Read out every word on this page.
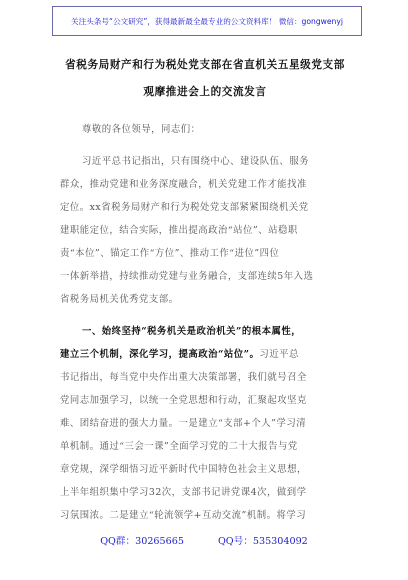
关注头条号“公文研究”，获得最新最全最专业的公文资料库！ 微信：gongwenyj
省税务局财产和行为税处党支部在省直机关五星级党支部
观摩推进会上的交流发言
尊敬的各位领导，同志们：
习近平总书记指出，只有围绕中心、建设队伍、服务
群众，推动党建和业务深度融合，机关党建工作才能找准
定位。xx省税务局财产和行为税处党支部紧紧围绕机关党
建职能定位，结合实际，推出提高政治“站位”、站稳职
责“本位”、锚定工作“方位”、推动工作“进位”四位
一体新举措，持续推动党建与业务融合，支部连续5年入选
省税务局机关优秀党支部。
一、始终坚持“税务机关是政治机关”的根本属性，
建立三个机制，深化学习，提高政治“站位”。习近平总
书记指出，每当党中央作出重大决策部署，我们就号召全
党同志加强学习，以统一全党思想和行动，汇聚起攻坚克
难、团结奋进的强大力量。一是建立“支部+个人”学习清
单机制。通过“三会一课”全面学习党的二十大报告与党
章党规，深学细悟习近平新时代中国特色社会主义思想，
上半年组织集中学习32次，支部书记讲党课4次，做到学
习氛围浓。二是建立“轮流领学+互动交流”机制。将学习
QQ群：30265665	QQ号：535304092
